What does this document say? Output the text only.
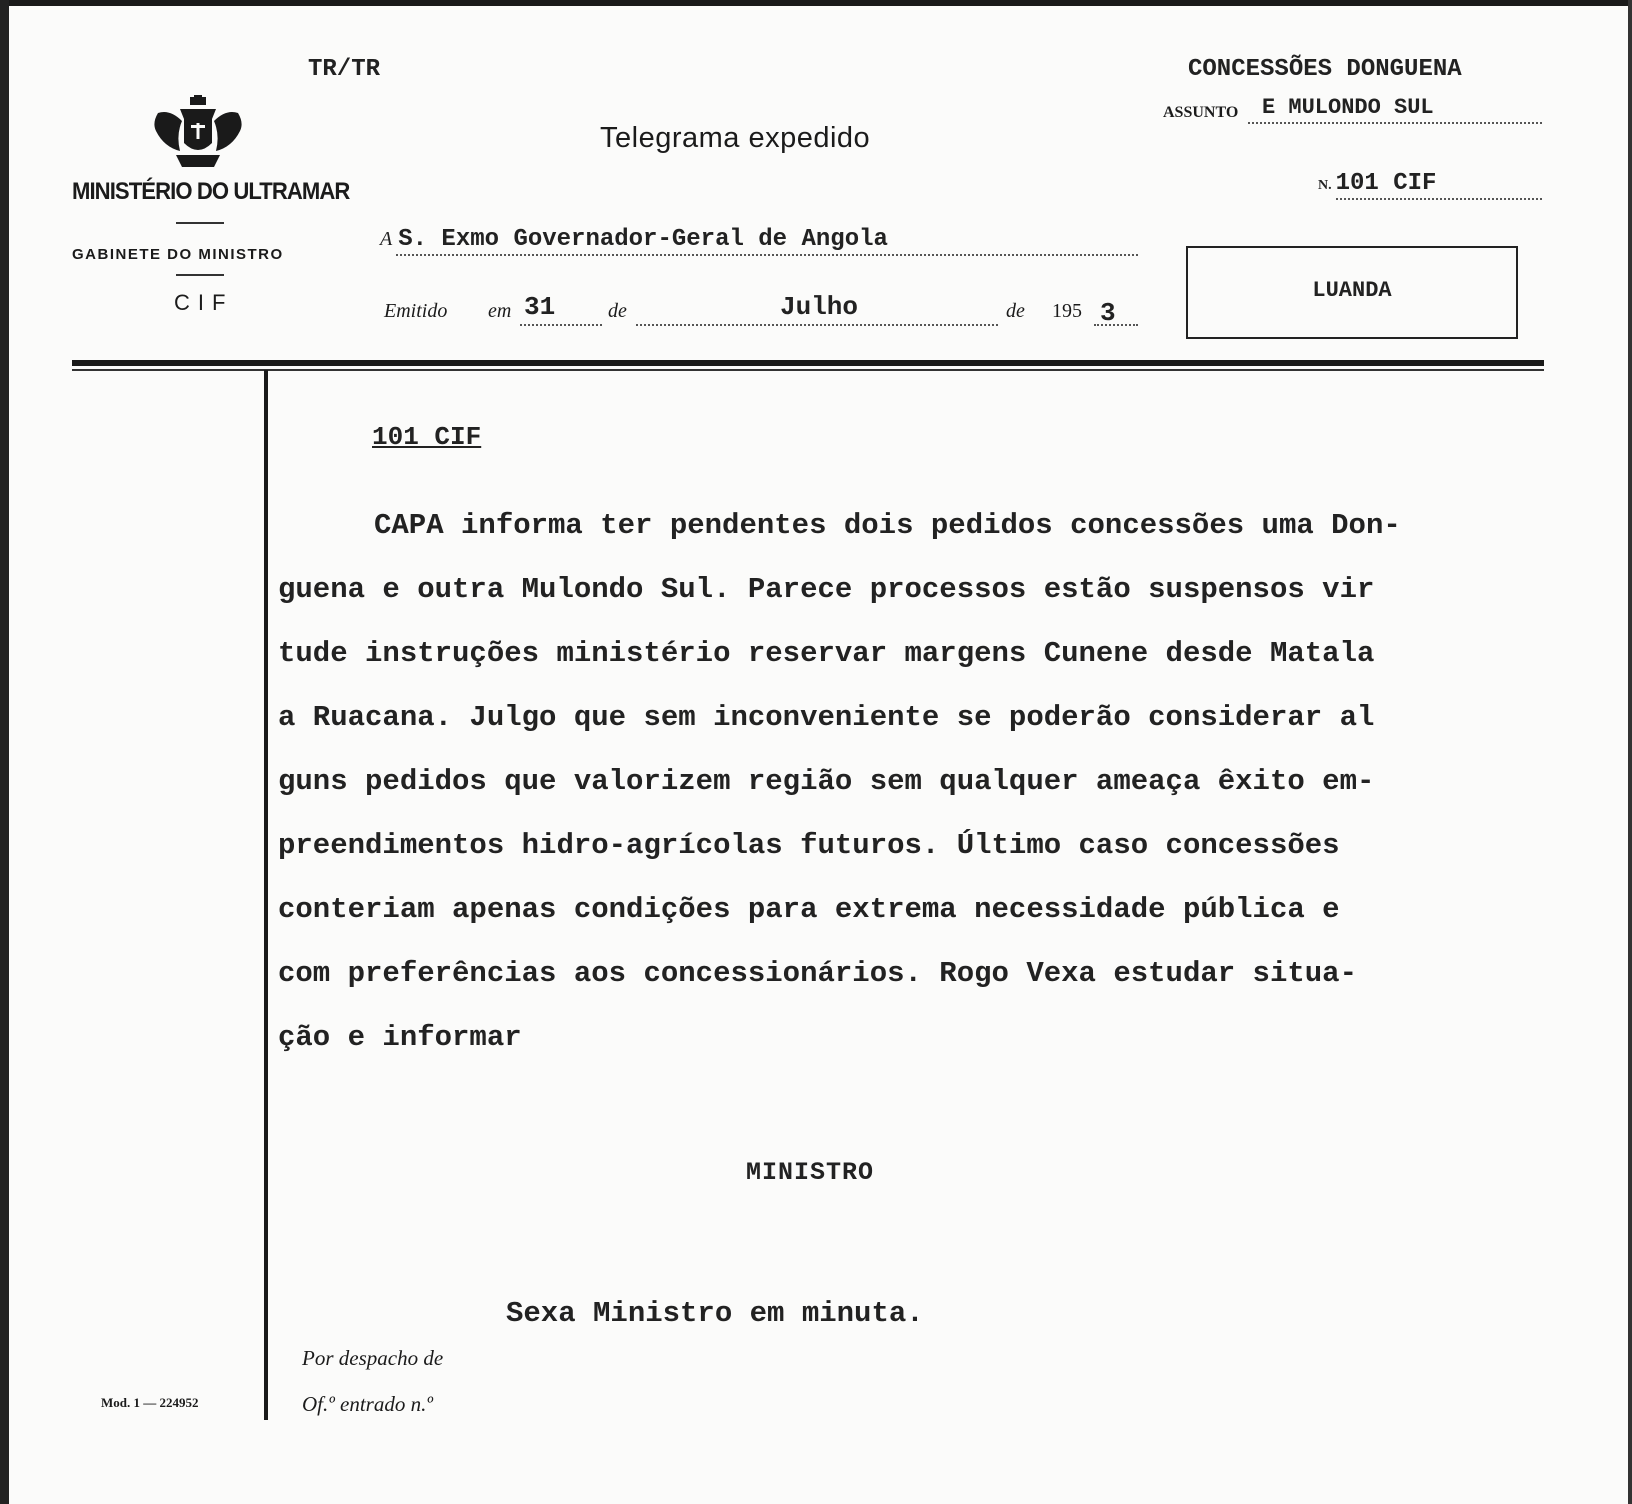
TR/TR
MINISTÉRIO DO ULTRAMAR
GABINETE DO MINISTRO
CIF
Telegrama expedido
CONCESSÕES DONGUENA
ASSUNTO E MULONDO SUL
N. 101 CIF
A S. Exmo Governador-Geral de Angola
Emitido em 31	de	Julho	de 195 3
LUANDA
101 CIF
CAPA informa ter pendentes dois pedidos concessões uma Don-
guena e outra Mulondo Sul. Parece processos estão suspensos vir
tude instruções ministério reservar margens Cunene desde Matala
a Ruacana. Julgo que sem inconveniente se poderão considerar al
guns pedidos que valorizem região sem qualquer ameaça êxito em-
preendimentos hidro-agrícolas futuros. Último caso concessões
conteriam apenas condições para extrema necessidade pública e
com preferências aos concessionários. Rogo Vexa estudar situa-
ção e informar
MINISTRO
Sexa Ministro em minuta.
Por despacho de
Of.º entrado n.º
Mod. 1 — 224952
